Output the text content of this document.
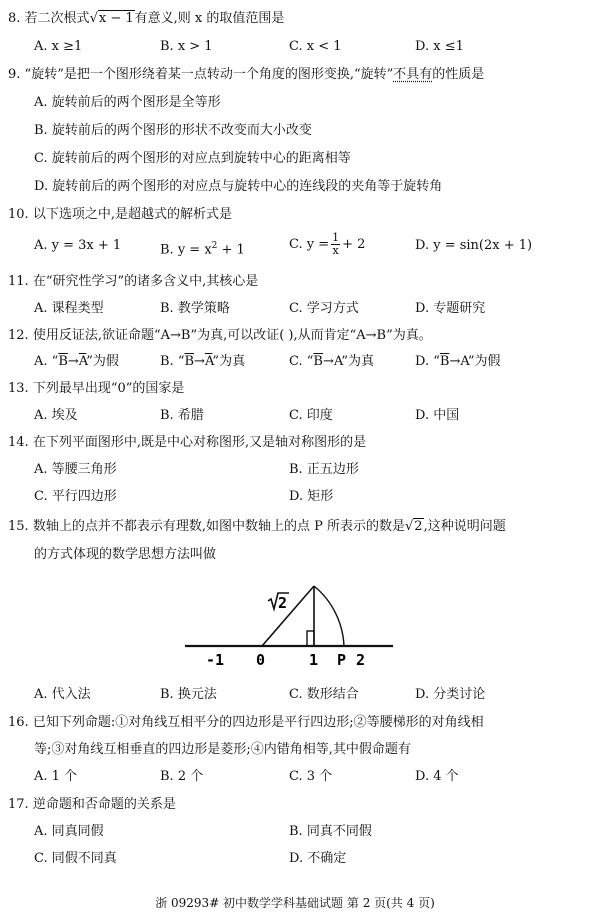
8. 若二次根式√x − 1有意义,则 x 的取值范围是
A. x ≥1	B. x > 1	C. x < 1	D. x ≤1
9. “旋转”是把一个图形绕着某一点转动一个角度的图形变换,“旋转”不具有的性质是
A. 旋转前后的两个图形是全等形
B. 旋转前后的两个图形的形状不改变而大小改变
C. 旋转前后的两个图形的对应点到旋转中心的距离相等
D. 旋转前后的两个图形的对应点与旋转中心的连线段的夹角等于旋转角
10. 以下选项之中,是超越式的解析式是
A. y = 3x + 1	B. $y = x^2 + 1$	C. $y = \frac{1}{x} + 2$	D. y = sin(2x + 1)
11. 在“研究性学习”的诸多含义中,其核心是
A. 课程类型	B. 教学策略	C. 学习方式	D. 专题研究
12. 使用反证法,欲证命题“A→B”为真,可以改证( ),从而肯定“A→B”为真。
A. “$\overline{B}\to\overline{A}$”为假	B. “$\overline{B}\to\overline{A}$”为真	C. “$\overline{B}\to A$”为真	D. “$\overline{B}\to A$”为假
13. 下列最早出现“0”的国家是
A. 埃及	B. 希腊	C. 印度	D. 中国
14. 在下列平面图形中,既是中心对称图形,又是轴对称图形的是
A. 等腰三角形	B. 正五边形
C. 平行四边形	D. 矩形
15. 数轴上的点并不都表示有理数,如图中数轴上的点 P 所表示的数是√2,这种说明问题
的方式体现的数学思想方法叫做
2
-1 0	1 P 2
A. 代入法	B. 换元法	C. 数形结合	D. 分类讨论
16. 已知下列命题:①对角线互相平分的四边形是平行四边形;②等腰梯形的对角线相
等;③对角线互相垂直的四边形是菱形;④内错角相等,其中假命题有
A. 1 个	B. 2 个	C. 3 个	D. 4 个
17. 逆命题和否命题的关系是
A. 同真同假	B. 同真不同假
C. 同假不同真	D. 不确定
浙 09293# 初中数学学科基础试题 第 2 页(共 4 页)
